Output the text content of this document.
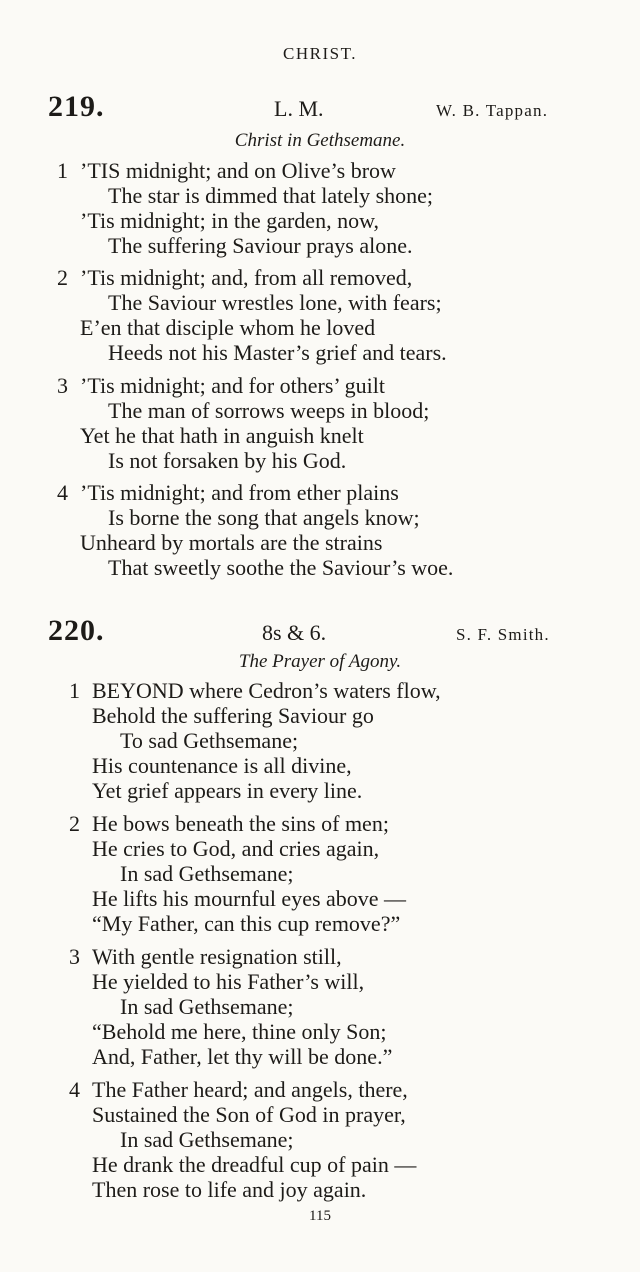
CHRIST.
219.	L. M.	W. B. Tappan.
Christ in Gethsemane.
1 ’TIS midnight; and on Olive’s brow
The star is dimmed that lately shone;
’Tis midnight; in the garden, now,
The suffering Saviour prays alone.
2 ’Tis midnight; and, from all removed,
The Saviour wrestles lone, with fears;
E’en that disciple whom he loved
Heeds not his Master’s grief and tears.
3 ’Tis midnight; and for others’ guilt
The man of sorrows weeps in blood;
Yet he that hath in anguish knelt
Is not forsaken by his God.
4 ’Tis midnight; and from ether plains
Is borne the song that angels know;
Unheard by mortals are the strains
That sweetly soothe the Saviour’s woe.
220.	8s & 6.	S. F. Smith.
The Prayer of Agony.
1 BEYOND where Cedron’s waters flow,
Behold the suffering Saviour go
To sad Gethsemane;
His countenance is all divine,
Yet grief appears in every line.
2 He bows beneath the sins of men;
He cries to God, and cries again,
In sad Gethsemane;
He lifts his mournful eyes above —
“My Father, can this cup remove?”
3 With gentle resignation still,
He yielded to his Father’s will,
In sad Gethsemane;
“Behold me here, thine only Son;
And, Father, let thy will be done.”
4 The Father heard; and angels, there,
Sustained the Son of God in prayer,
In sad Gethsemane;
He drank the dreadful cup of pain —
Then rose to life and joy again.
115
